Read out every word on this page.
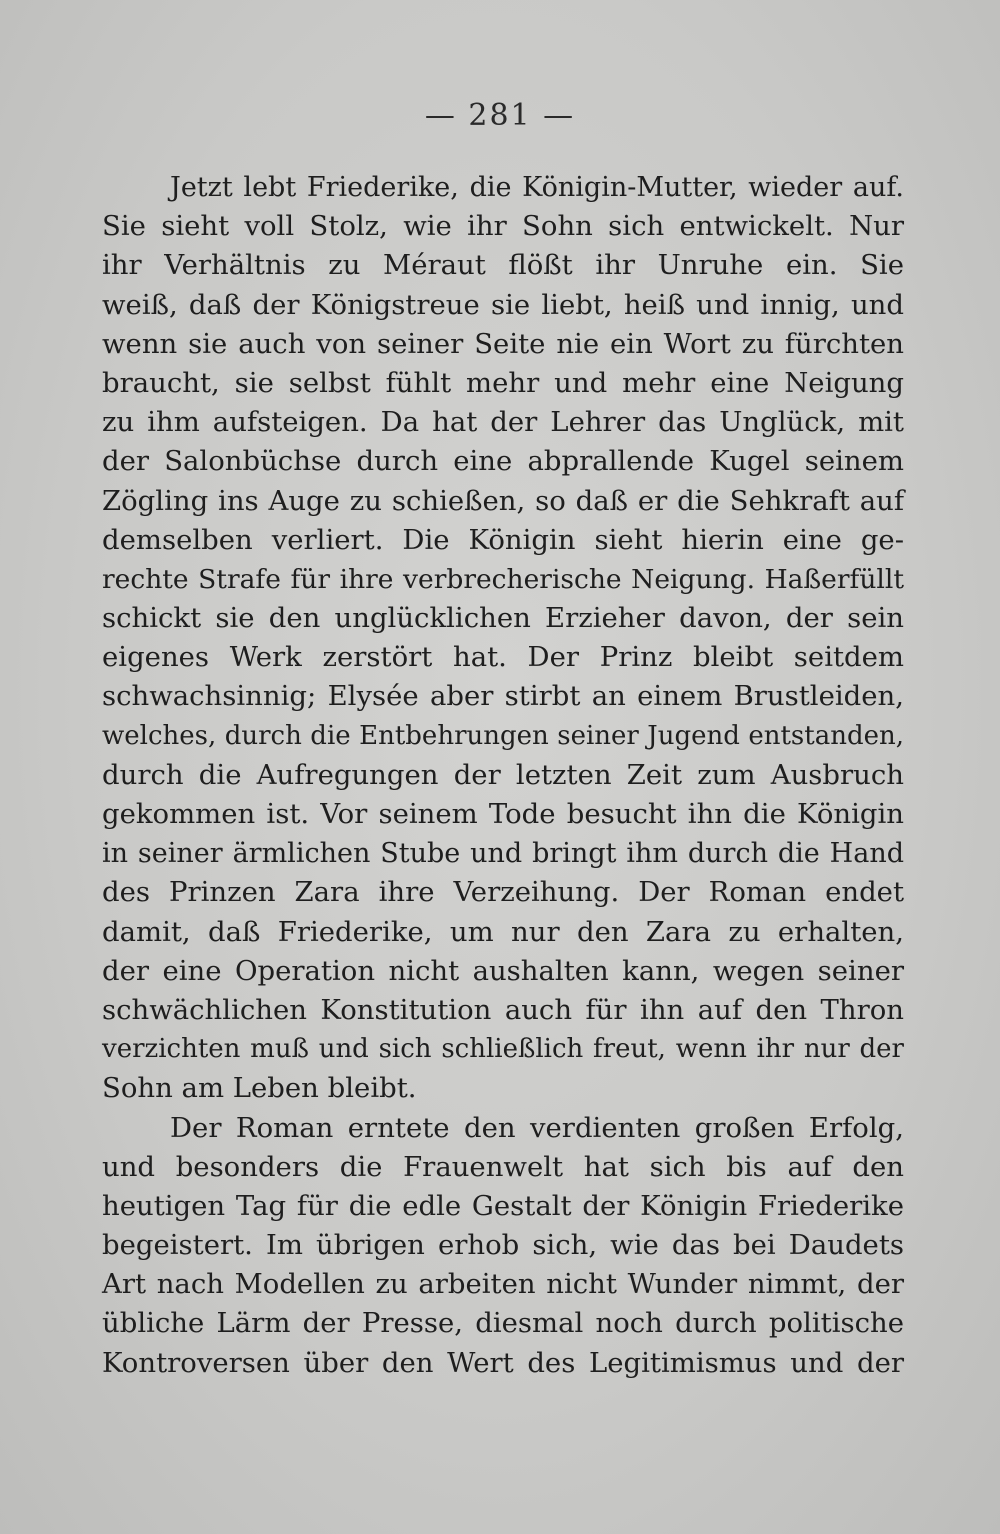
— 281 —
Jetzt lebt Friederike, die Königin-Mutter, wieder auf.
Sie sieht voll Stolz, wie ihr Sohn sich entwickelt. Nur
ihr Verhältnis zu Méraut flößt ihr Unruhe ein. Sie
weiß, daß der Königstreue sie liebt, heiß und innig, und
wenn sie auch von seiner Seite nie ein Wort zu fürchten
braucht, sie selbst fühlt mehr und mehr eine Neigung
zu ihm aufsteigen. Da hat der Lehrer das Unglück, mit
der Salonbüchse durch eine abprallende Kugel seinem
Zögling ins Auge zu schießen, so daß er die Sehkraft auf
demselben verliert. Die Königin sieht hierin eine ge-
rechte Strafe für ihre verbrecherische Neigung. Haßerfüllt
schickt sie den unglücklichen Erzieher davon, der sein
eigenes Werk zerstört hat. Der Prinz bleibt seitdem
schwachsinnig; Elysée aber stirbt an einem Brustleiden,
welches, durch die Entbehrungen seiner Jugend entstanden,
durch die Aufregungen der letzten Zeit zum Ausbruch
gekommen ist. Vor seinem Tode besucht ihn die Königin
in seiner ärmlichen Stube und bringt ihm durch die Hand
des Prinzen Zara ihre Verzeihung. Der Roman endet
damit, daß Friederike, um nur den Zara zu erhalten,
der eine Operation nicht aushalten kann, wegen seiner
schwächlichen Konstitution auch für ihn auf den Thron
verzichten muß und sich schließlich freut, wenn ihr nur der
Sohn am Leben bleibt.
Der Roman erntete den verdienten großen Erfolg,
und besonders die Frauenwelt hat sich bis auf den
heutigen Tag für die edle Gestalt der Königin Friederike
begeistert. Im übrigen erhob sich, wie das bei Daudets
Art nach Modellen zu arbeiten nicht Wunder nimmt, der
übliche Lärm der Presse, diesmal noch durch politische
Kontroversen über den Wert des Legitimismus und der
